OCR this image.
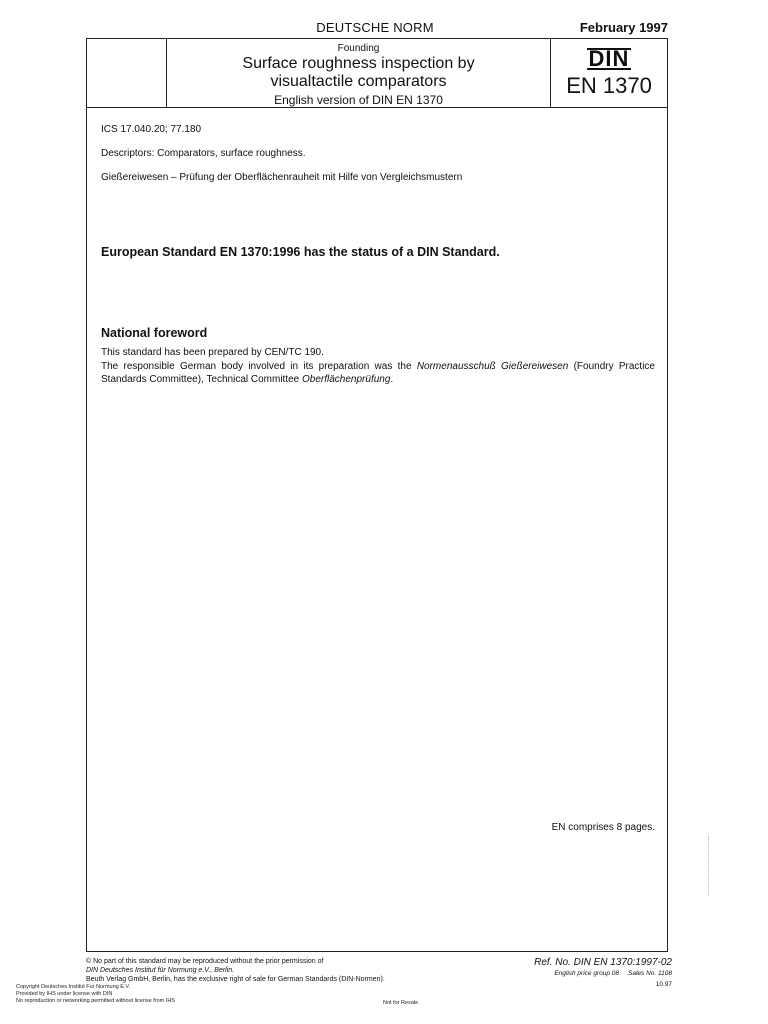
DEUTSCHE NORM	February 1997
Founding
Surface roughness inspection by
visualtactile comparators
English version of DIN EN 1370
DIN
EN 1370
ICS 17.040.20; 77.180
Descriptors: Comparators, surface roughness.
Gießereiwesen – Prüfung der Oberflächenrauheit mit Hilfe von Vergleichsmustern
European Standard EN 1370:1996 has the status of a DIN Standard.
National foreword
This standard has been prepared by CEN/TC 190.
The responsible German body involved in its preparation was the Normenausschuß Gießereiwesen (Foundry Practice Standards Committee), Technical Committee Oberflächenprüfung.
EN comprises 8 pages.
© No part of this standard may be reproduced without the prior permission of
DIN Deutsches Institut für Normung e.V., Berlin.
Beuth Verlag GmbH, Berlin, has the exclusive right of sale for German Standards (DIN-Normen).
Ref. No. DIN EN 1370:1997-02
English price group 08 Sales No. 1108
10.97
Copyright Deutsches Institut Fur Normung E.V.
Provided by IHS under license with DIN
No reproduction or networking permitted without license from IHS	Not for Resale
